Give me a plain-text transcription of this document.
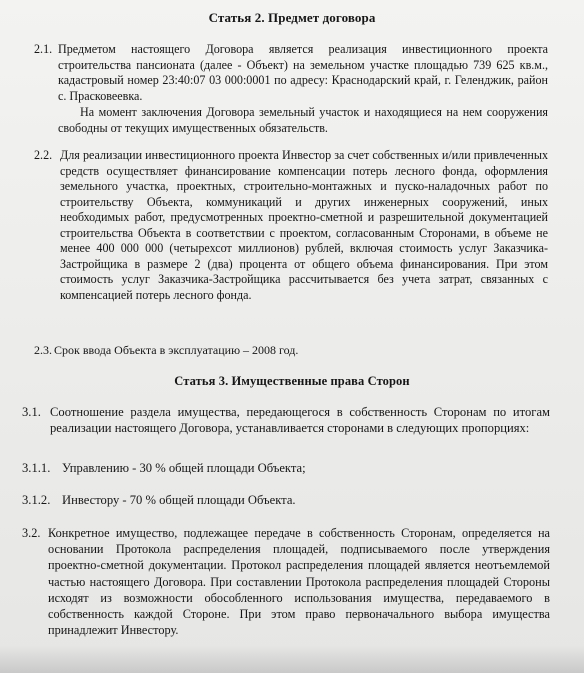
Статья 2. Предмет договора
2.1. Предметом настоящего Договора является реализация инвестиционного проекта строительства пансионата (далее - Объект) на земельном участке площадью 739 625 кв.м., кадастровый номер 23:40:07 03 000:0001 по адресу: Краснодарский край, г. Геленджик, район с. Прасковеевка.
На момент заключения Договора земельный участок и находящиеся на нем сооружения свободны от текущих имущественных обязательств.
2.2. Для реализации инвестиционного проекта Инвестор за счет собственных и/или привлеченных средств осуществляет финансирование компенсации потерь лесного фонда, оформления земельного участка, проектных, строительно-монтажных и пуско-наладочных работ по строительству Объекта, коммуникаций и других инженерных сооружений, иных необходимых работ, предусмотренных проектно-сметной и разрешительной документацией строительства Объекта в соответствии с проектом, согласованным Сторонами, в объеме не менее 400 000 000 (четырехсот миллионов) рублей, включая стоимость услуг Заказчика-Застройщика в размере 2 (два) процента от общего объема финансирования. При этом стоимость услуг Заказчика-Застройщика рассчитывается без учета затрат, связанных с компенсацией потерь лесного фонда.
2.3. Срок ввода Объекта в эксплуатацию – 2008 год.
Статья 3. Имущественные права Сторон
3.1. Соотношение раздела имущества, передающегося в собственность Сторонам по итогам реализации настоящего Договора, устанавливается сторонами в следующих пропорциях:
3.1.1. Управлению - 30 % общей площади Объекта;
3.1.2. Инвестору - 70 % общей площади Объекта.
3.2. Конкретное имущество, подлежащее передаче в собственность Сторонам, определяется на основании Протокола распределения площадей, подписываемого после утверждения проектно-сметной документации. Протокол распределения площадей является неотъемлемой частью настоящего Договора. При составлении Протокола распределения площадей Стороны исходят из возможности обособленного использования имущества, передаваемого в собственность каждой Стороне. При этом право первоначального выбора имущества принадлежит Инвестору.
